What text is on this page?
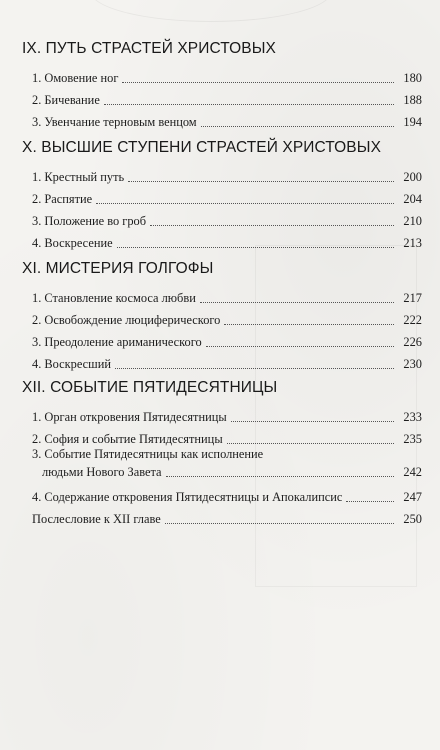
IX. ПУТЬ СТРАСТЕЙ ХРИСТОВЫХ
1. Омовение ног	180
2. Бичевание	188
3. Увенчание терновым венцом	194
X. ВЫСШИЕ СТУПЕНИ СТРАСТЕЙ ХРИСТОВЫХ
1. Крестный путь	200
2. Распятие	204
3. Положение во гроб	210
4. Воскресение	213
XI. МИСТЕРИЯ ГОЛГОФЫ
1. Становление космоса любви	217
2. Освобождение люциферического	222
3. Преодоление ариманического	226
4. Воскресший	230
XII. СОБЫТИЕ ПЯТИДЕСЯТНИЦЫ
1. Орган откровения Пятидесятницы	233
2. София и событие Пятидесятницы	235
3. Событие Пятидесятницы как исполнение
людьми Нового Завета	242
4. Содержание откровения Пятидесятницы и Апокалипсис	247
Послесловие к XII главе	250
